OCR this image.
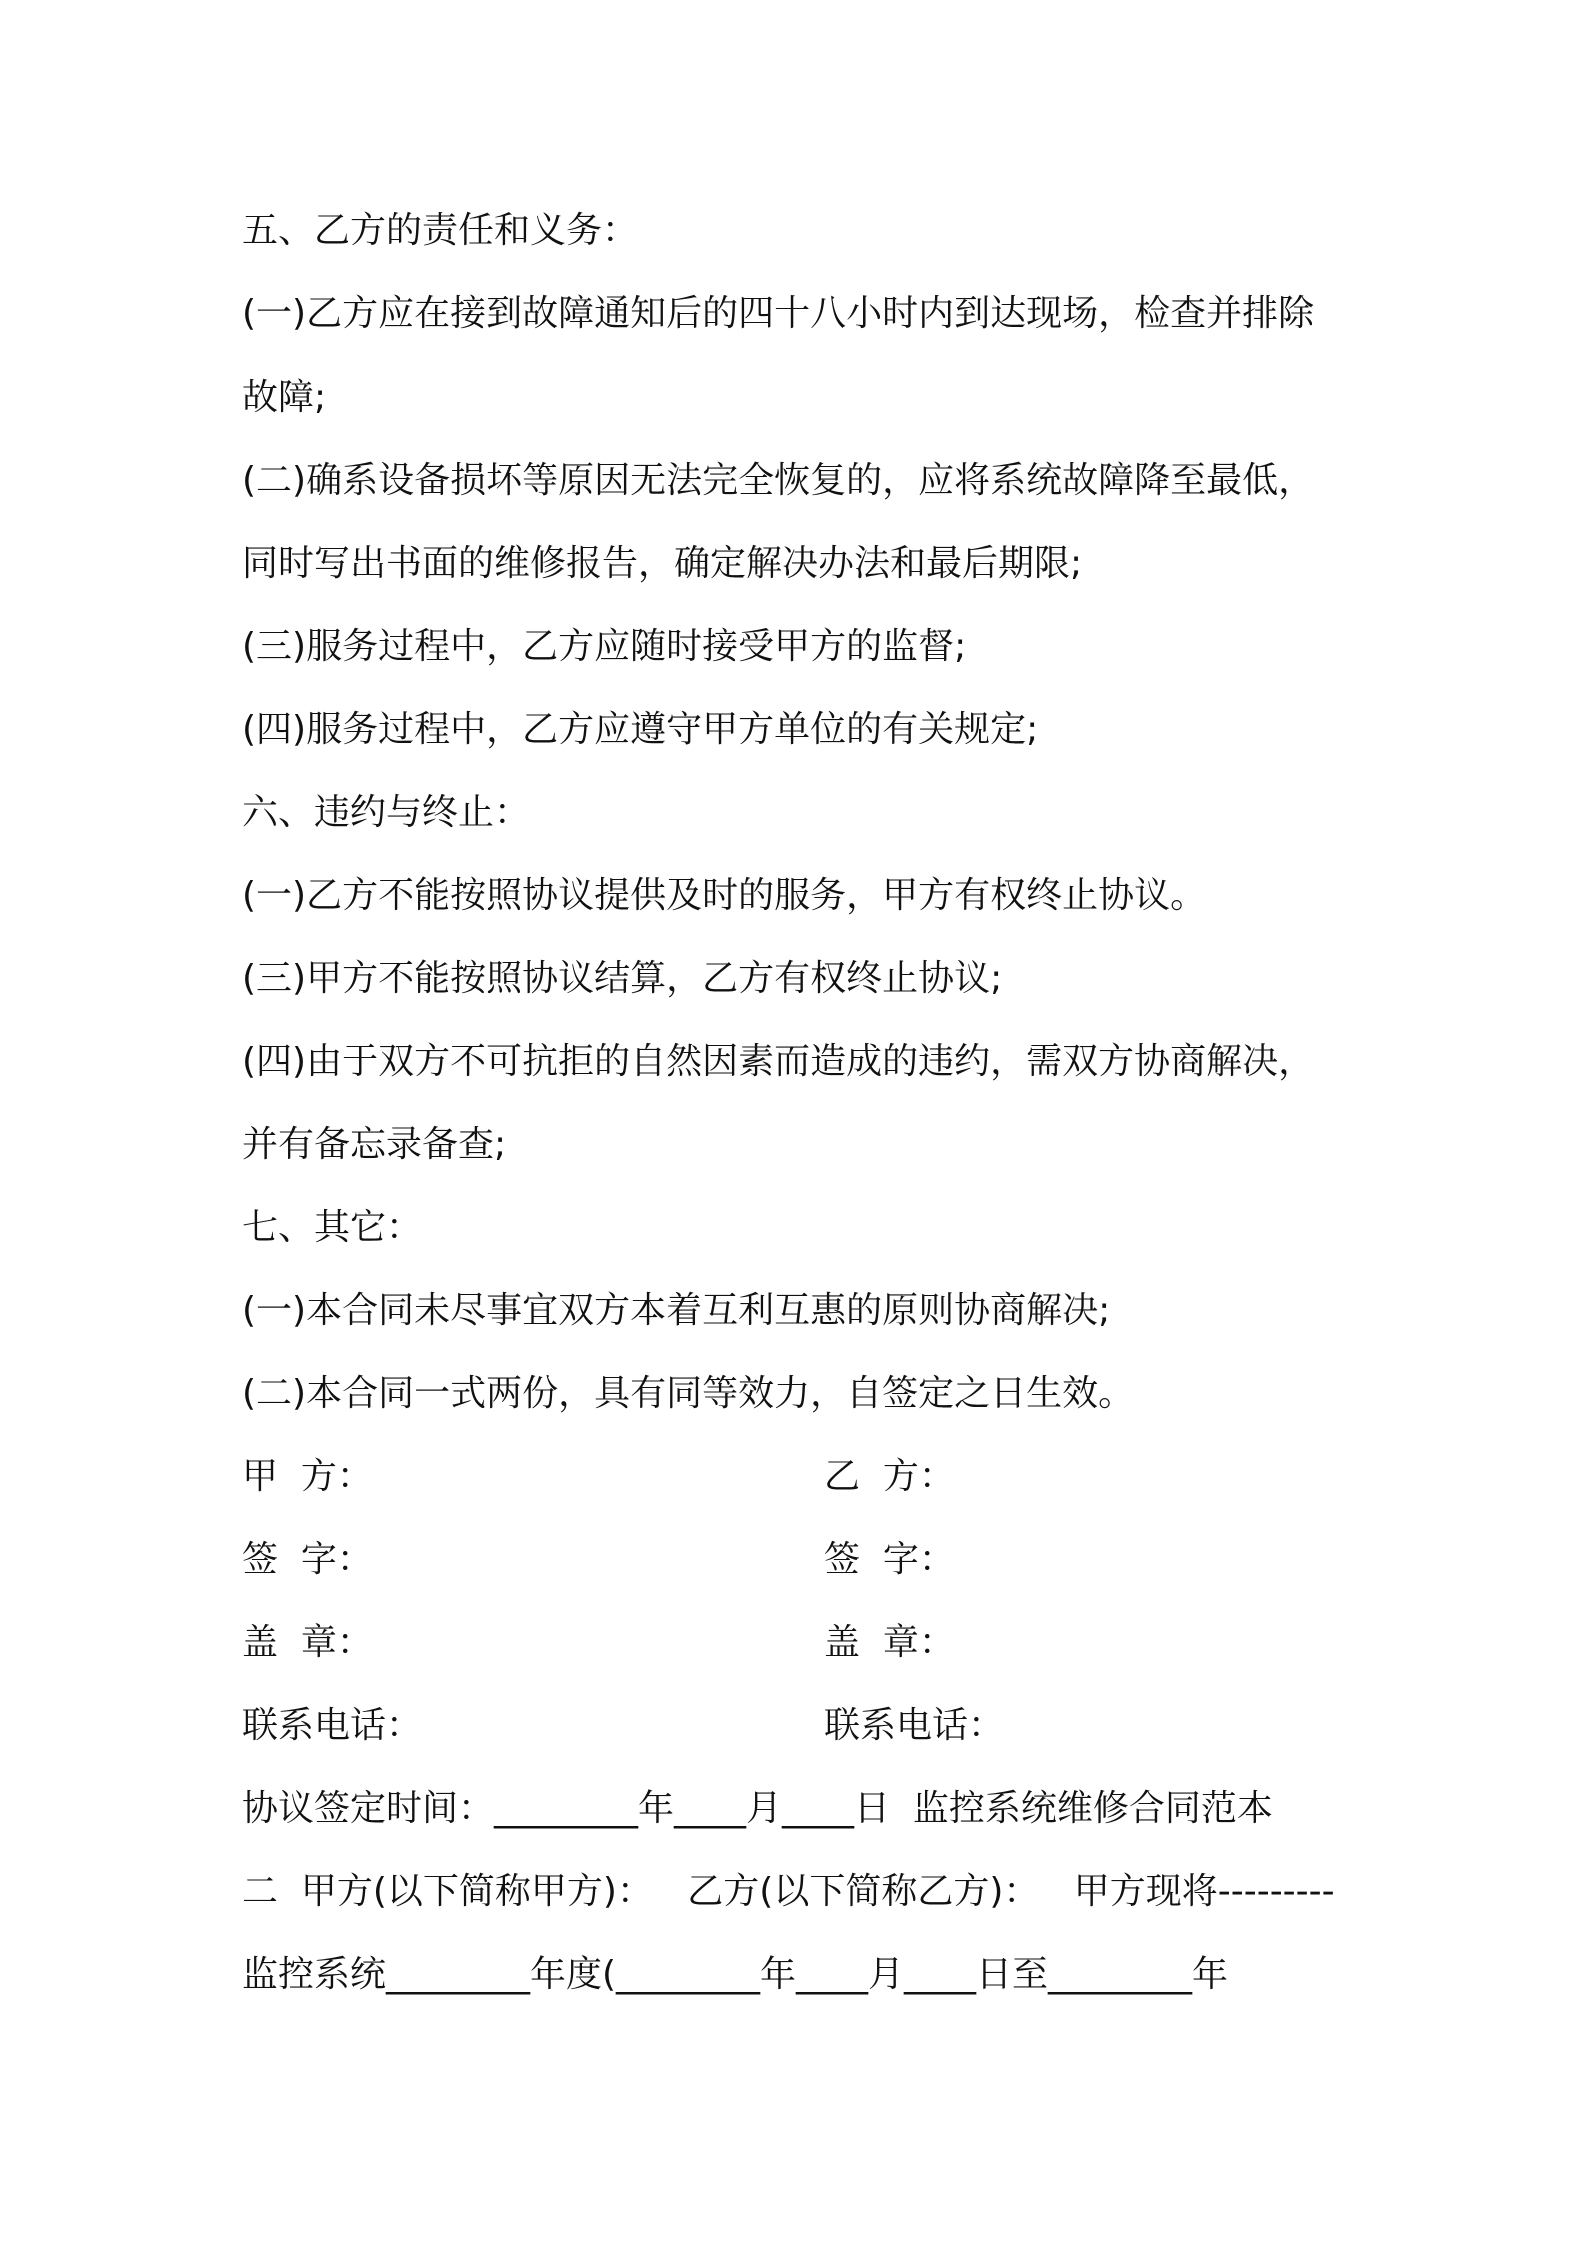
五、乙方的责任和义务：
(一)乙方应在接到故障通知后的四十八小时内到达现场，检查并排除
故障;
(二)确系设备损坏等原因无法完全恢复的，应将系统故障降至最低，
同时写出书面的维修报告，确定解决办法和最后期限;
(三)服务过程中，乙方应随时接受甲方的监督;
(四)服务过程中，乙方应遵守甲方单位的有关规定;
六、违约与终止：
(一)乙方不能按照协议提供及时的服务，甲方有权终止协议。
(三)甲方不能按照协议结算，乙方有权终止协议;
(四)由于双方不可抗拒的自然因素而造成的违约，需双方协商解决，
并有备忘录备查;
七、其它：
(一)本合同未尽事宜双方本着互利互惠的原则协商解决;
(二)本合同一式两份，具有同等效力，自签定之日生效。
甲  方：	乙  方：
签  字：	签  字：
盖  章：	盖  章：
联系电话：	联系电话：
协议签定时间：________年____月____日  监控系统维修合同范本
二  甲方(以下简称甲方)：   乙方(以下简称乙方)：   甲方现将---------
监控系统________年度(________年____月____日至________年
